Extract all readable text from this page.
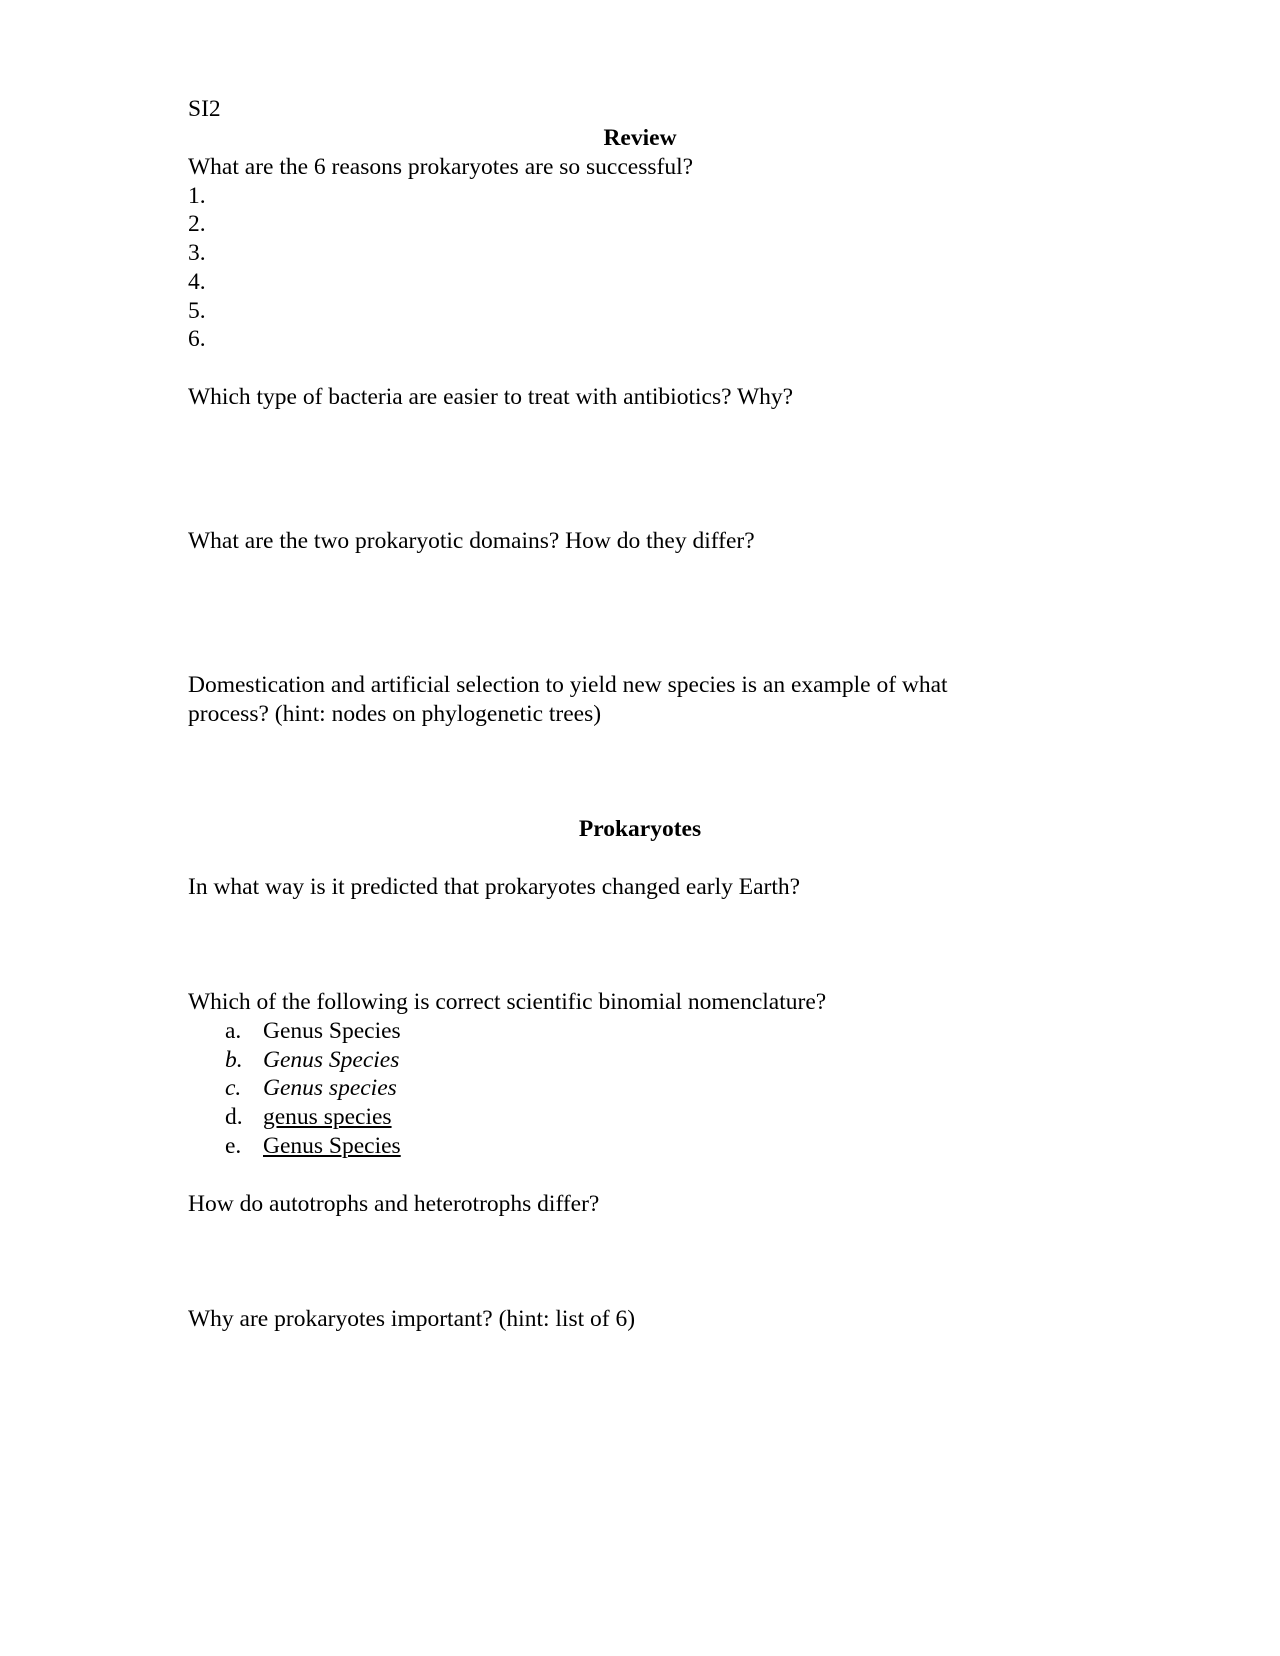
SI2
Review
What are the 6 reasons prokaryotes are so successful?
1.
2.
3.
4.
5.
6.
Which type of bacteria are easier to treat with antibiotics? Why?
What are the two prokaryotic domains? How do they differ?
Domestication and artificial selection to yield new species is an example of what
process? (hint: nodes on phylogenetic trees)
Prokaryotes
In what way is it predicted that prokaryotes changed early Earth?
Which of the following is correct scientific binomial nomenclature?
a. Genus Species
b. Genus Species
c. Genus species
d. genus species
e. Genus Species
How do autotrophs and heterotrophs differ?
Why are prokaryotes important? (hint: list of 6)
